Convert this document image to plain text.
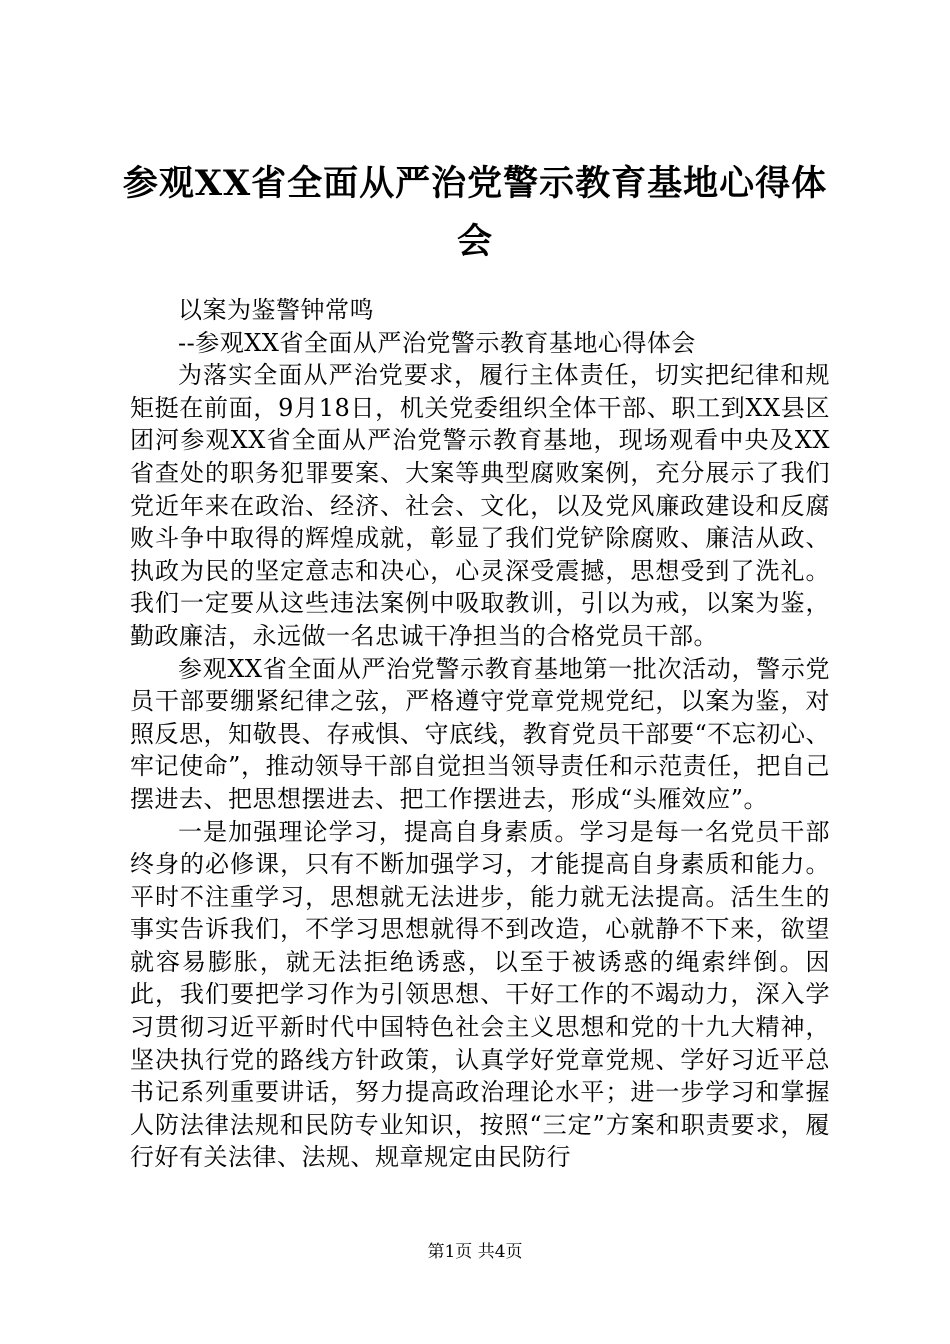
参观XX省全面从严治党警示教育基地心得体会

以案为鉴警钟常鸣

--参观XX省全面从严治党警示教育基地心得体会

为落实全面从严治党要求，履行主体责任，切实把纪律和规矩挺在前面，9月18日，机关党委组织全体干部、职工到XX县区团河参观XX省全面从严治党警示教育基地，现场观看中央及XX省查处的职务犯罪要案、大案等典型腐败案例，充分展示了我们党近年来在政治、经济、社会、文化，以及党风廉政建设和反腐败斗争中取得的辉煌成就，彰显了我们党铲除腐败、廉洁从政、执政为民的坚定意志和决心，心灵深受震撼，思想受到了洗礼。我们一定要从这些违法案例中吸取教训，引以为戒，以案为鉴，勤政廉洁，永远做一名忠诚干净担当的合格党员干部。

参观XX省全面从严治党警示教育基地第一批次活动，警示党员干部要绷紧纪律之弦，严格遵守党章党规党纪，以案为鉴，对照反思，知敬畏、存戒惧、守底线，教育党员干部要“不忘初心、牢记使命”，推动领导干部自觉担当领导责任和示范责任，把自己摆进去、把思想摆进去、把工作摆进去，形成“头雁效应”。

一是加强理论学习，提高自身素质。学习是每一名党员干部终身的必修课，只有不断加强学习，才能提高自身素质和能力。平时不注重学习，思想就无法进步，能力就无法提高。活生生的事实告诉我们，不学习思想就得不到改造，心就静不下来，欲望就容易膨胀，就无法拒绝诱惑，以至于被诱惑的绳索绊倒。因此，我们要把学习作为引领思想、干好工作的不竭动力，深入学习贯彻习近平新时代中国特色社会主义思想和党的十九大精神，坚决执行党的路线方针政策，认真学好党章党规、学好习近平总书记系列重要讲话，努力提高政治理论水平；进一步学习和掌握人防法律法规和民防专业知识，按照“三定”方案和职责要求，履行好有关法律、法规、规章规定由民防行

第1页 共4页
